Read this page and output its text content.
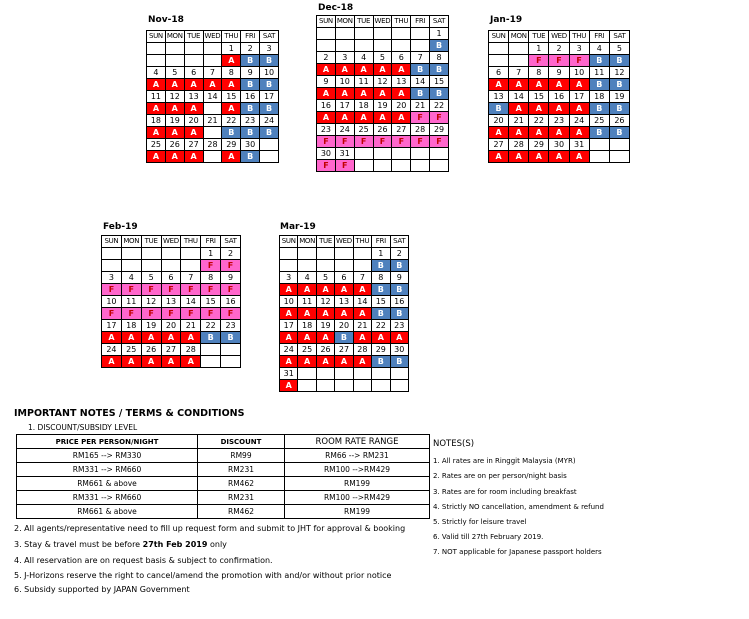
Nov-18
Dec-18
Jan-19
Feb-19	Mar-19
SUN	MON	TUE	WED	THU	FRI	SAT
				1	2	3
				A	B	B
4	5	6	7	8	9	10
A	A	A	A	A	B	B
11	12	13	14	15	16	17
A	A	A		A	B	B
18	19	20	21	22	23	24
A	A	A		B	B	B
25	26	27	28	29	30	
A	A	A		A	B	
SUN	MON	TUE	WED	THU	FRI	SAT
						1
						B
2	3	4	5	6	7	8
A	A	A	A	A	B	B
9	10	11	12	13	14	15
A	A	A	A	A	B	B
16	17	18	19	20	21	22
A	A	A	A	A	F	F
23	24	25	26	27	28	29
F	F	F	F	F	F	F
30	31					
F	F					
SUN	MON	TUE	WED	THU	FRI	SAT
		1	2	3	4	5
		F	F	F	B	B
6	7	8	9	10	11	12
A	A	A	A	A	B	B
13	14	15	16	17	18	19
B	A	A	A	A	B	B
20	21	22	23	24	25	26
A	A	A	A	A	B	B
27	28	29	30	31		
A	A	A	A	A		
SUN	MON	TUE	WED	THU	FRI	SAT
					1	2
					F	F
3	4	5	6	7	8	9
F	F	F	F	F	F	F
10	11	12	13	14	15	16
F	F	F	F	F	F	F
17	18	19	20	21	22	23
A	A	A	A	A	B	B
24	25	26	27	28		
A	A	A	A	A		
SUN	MON	TUE	WED	THU	FRI	SAT
					1	2
					B	B
3	4	5	6	7	8	9
A	A	A	A	A	B	B
10	11	12	13	14	15	16
A	A	A	A	A	B	B
17	18	19	20	21	22	23
A	A	A	B	A	A	A
24	25	26	27	28	29	30
A	A	A	A	A	B	B
31						
A						
IMPORTANT NOTES / TERMS & CONDITIONS
1. DISCOUNT/SUBSIDY LEVEL
PRICE PER PERSON/NIGHT	DISCOUNT	ROOM RATE RANGE
RM165 --> RM330	RM99	RM66 --> RM231
RM331 --> RM660	RM231	RM100 -->RM429
RM661 & above	RM462	RM199
RM331 --> RM660	RM231	RM100 -->RM429
RM661 & above	RM462	RM199
2. All agents/representative need to fill up request form and submit to JHT for approval & booking
3. Stay & travel must be before 27th Feb 2019 only
4. All reservation are on request basis & subject to confirmation.
5. J-Horizons reserve the right to cancel/amend the promotion with and/or without prior notice
6. Subsidy supported by JAPAN Government
NOTES(S)
1. All rates are in Ringgit Malaysia (MYR)
2. Rates are on per person/night basis
3. Rates are for room including breakfast
4. Strictly NO cancellation, amendment & refund
5. Strictly for leisure travel
6. Valid till 27th February 2019.
7. NOT applicable for Japanese passport holders
